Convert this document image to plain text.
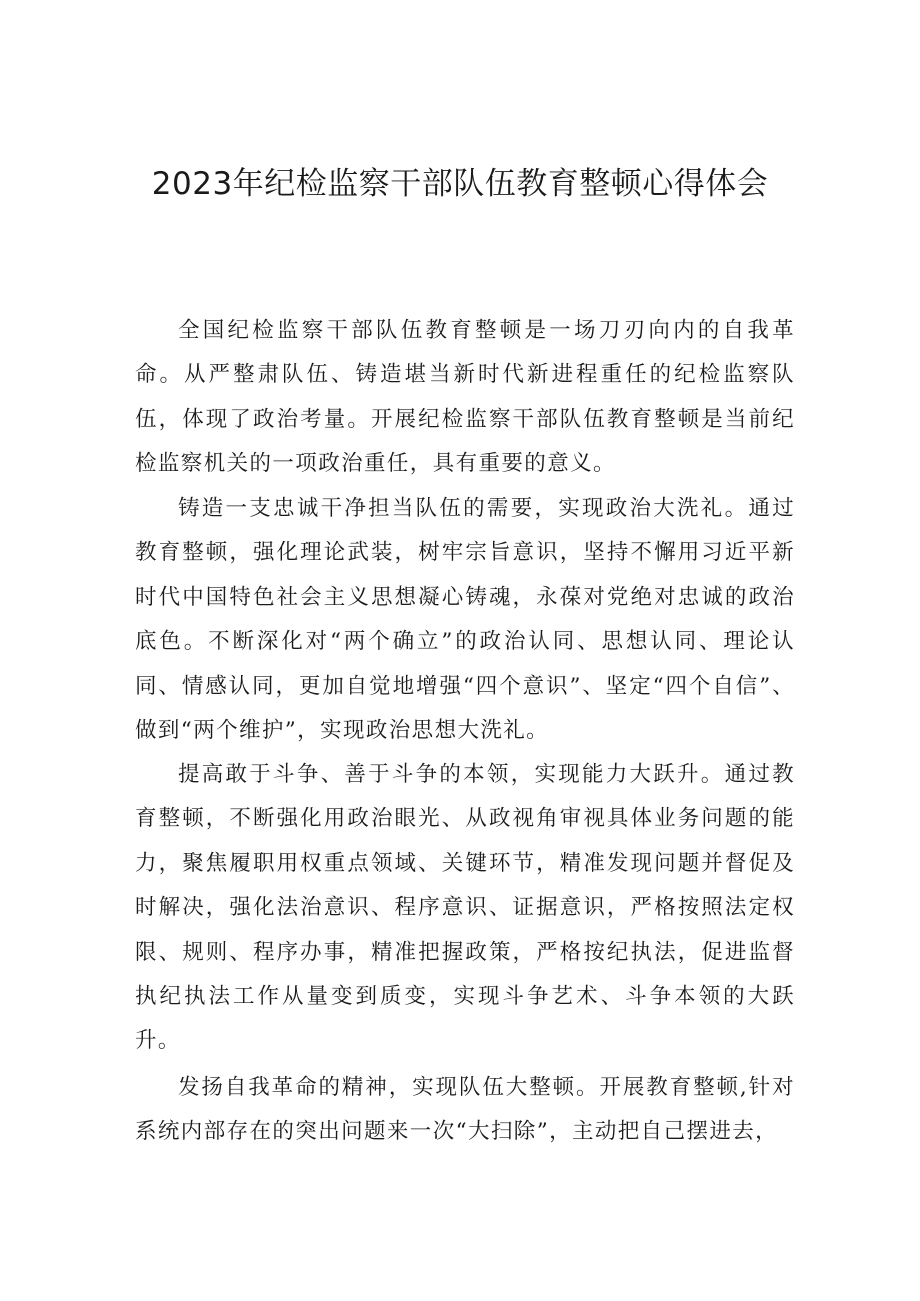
2023年纪检监察干部队伍教育整顿心得体会

全国纪检监察干部队伍教育整顿是一场刀刃向内的自我革命。从严整肃队伍、铸造堪当新时代新进程重任的纪检监察队伍，体现了政治考量。开展纪检监察干部队伍教育整顿是当前纪检监察机关的一项政治重任，具有重要的意义。

铸造一支忠诚干净担当队伍的需要，实现政治大洗礼。通过教育整顿，强化理论武装，树牢宗旨意识，坚持不懈用习近平新时代中国特色社会主义思想凝心铸魂，永葆对党绝对忠诚的政治底色。不断深化对“两个确立”的政治认同、思想认同、理论认同、情感认同，更加自觉地增强“四个意识”、坚定“四个自信”、做到“两个维护”，实现政治思想大洗礼。

提高敢于斗争、善于斗争的本领，实现能力大跃升。通过教育整顿，不断强化用政治眼光、从政视角审视具体业务问题的能力，聚焦履职用权重点领域、关键环节，精准发现问题并督促及时解决，强化法治意识、程序意识、证据意识，严格按照法定权限、规则、程序办事，精准把握政策，严格按纪执法，促进监督执纪执法工作从量变到质变，实现斗争艺术、斗争本领的大跃升。

发扬自我革命的精神，实现队伍大整顿。开展教育整顿,针对系统内部存在的突出问题来一次“大扫除”，主动把自己摆进去，
